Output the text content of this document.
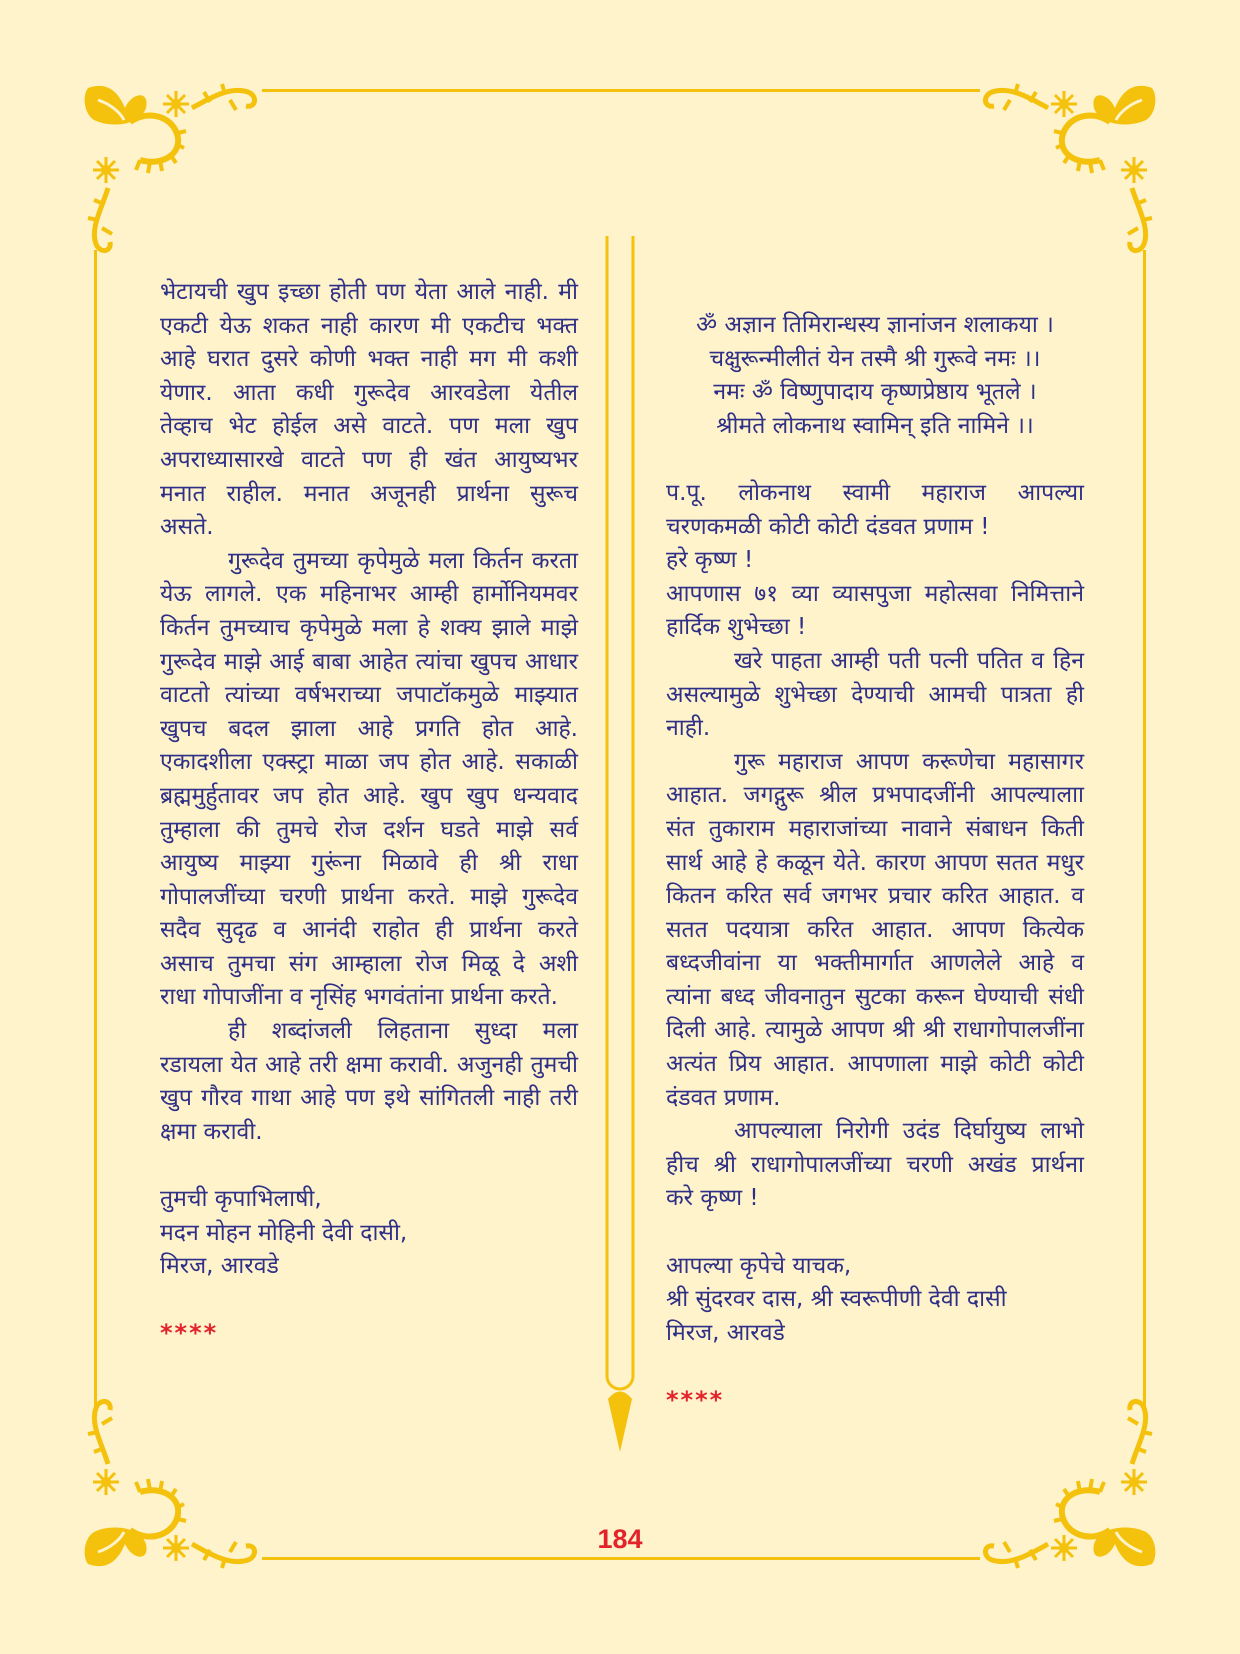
भेटायची खुप इच्छा होती पण येता आले नाही. मी
एकटी येऊ शकत नाही कारण मी एकटीच भक्त
आहे घरात दुसरे कोणी भक्त नाही मग मी कशी
येणार. आता कधी गुरूदेव आरवडेला येतील
तेव्हाच भेट होईल असे वाटते. पण मला खुप
अपराध्यासारखे वाटते पण ही खंत आयुष्यभर
मनात राहील. मनात अजूनही प्रार्थना सुरूच
असते.
गुरूदेव तुमच्या कृपेमुळे मला किर्तन करता
येऊ लागले. एक महिनाभर आम्ही हार्मोनियमवर
किर्तन तुमच्याच कृपेमुळे मला हे शक्य झाले माझे
गुरूदेव माझे आई बाबा आहेत त्यांचा खुपच आधार
वाटतो त्यांच्या वर्षभराच्या जपाटॉकमुळे माझ्यात
खुपच बदल झाला आहे प्रगति होत आहे.
एकादशीला एक्स्ट्रा माळा जप होत आहे. सकाळी
ब्रह्ममुर्हुतावर जप होत आहे. खुप खुप धन्यवाद
तुम्हाला की तुमचे रोज दर्शन घडते माझे सर्व
आयुष्य माझ्या गुरूंना मिळावे ही श्री राधा
गोपालजींच्या चरणी प्रार्थना करते. माझे गुरूदेव
सदैव सुदृढ व आनंदी राहोत ही प्रार्थना करते
असाच तुमचा संग आम्हाला रोज मिळू दे अशी
राधा गोपाजींना व नृसिंह भगवंतांना प्रार्थना करते.
ही शब्दांजली लिहताना सुध्दा मला
रडायला येत आहे तरी क्षमा करावी. अजुनही तुमची
खुप गौरव गाथा आहे पण इथे सांगितली नाही तरी
क्षमा करावी.
तुमची कृपाभिलाषी,
मदन मोहन मोहिनी देवी दासी,
मिरज, आरवडे
****
ॐ अज्ञान तिमिरान्धस्य ज्ञानांजन शलाकया ।
चक्षुरून्मीलीतं येन तस्मै श्री गुरूवे नमः ।।
नमः ॐ विष्णुपादाय कृष्णप्रेष्ठाय भूतले ।
श्रीमते लोकनाथ स्वामिन् इति नामिने ।।
प.पू. लोकनाथ स्वामी महाराज आपल्या
चरणकमळी कोटी कोटी दंडवत प्रणाम !
हरे कृष्ण !
आपणास ७१ व्या व्यासपुजा महोत्सवा निमित्ताने
हार्दिक शुभेच्छा !
खरे पाहता आम्ही पती पत्नी पतित व हिन
असल्यामुळे शुभेच्छा देण्याची आमची पात्रता ही
नाही.
गुरू महाराज आपण करूणेचा महासागर
आहात. जगद्गुरू श्रील प्रभपादजींनी आपल्यालाा
संत तुकाराम महाराजांच्या नावाने संबाधन किती
सार्थ आहे हे कळून येते. कारण आपण सतत मधुर
कितन करित सर्व जगभर प्रचार करित आहात. व
सतत पदयात्रा करित आहात. आपण कित्येक
बध्दजीवांना या भक्तीमार्गात आणलेले आहे व
त्यांना बध्द जीवनातुन सुटका करून घेण्याची संधी
दिली आहे. त्यामुळे आपण श्री श्री राधागोपालजींना
अत्यंत प्रिय आहात. आपणाला माझे कोटी कोटी
दंडवत प्रणाम.
आपल्याला निरोगी उदंड दिर्घायुष्य लाभो
हीच श्री राधागोपालजींच्या चरणी अखंड प्रार्थना
करे कृष्ण !
आपल्या कृपेचे याचक,
श्री सुंदरवर दास, श्री स्वरूपीणी देवी दासी
मिरज, आरवडे
****
184
